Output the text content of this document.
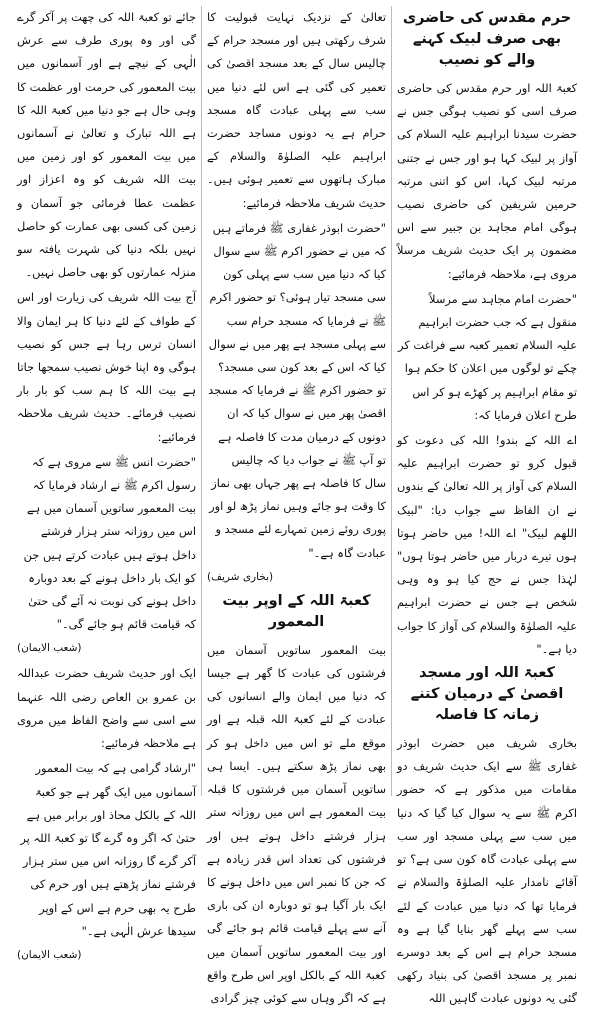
حرم مقدس کی حاضری بھی صرف لبیک کہنے والے کو نصیب

کعبۃ اللہ اور حرم مقدس کی حاضری صرف اسی کو نصیب ہوگی جس نے حضرت سیدنا ابراہیم علیہ السلام کی آواز پر لبیک کہا ہو اور جس نے جتنی مرتبہ لبیک کہا، اس کو اتنی مرتبہ حرمین شریفین کی حاضری نصیب ہوگی امام مجاہد بن جبیر سے اس مضمون پر ایک حدیث شریف مرسلاً مروی ہے، ملاحظہ فرمائیے:

"حضرت امام مجاہد سے مرسلاً منقول ہے کہ جب حضرت ابراہیم علیہ السلام تعمیر کعبہ سے فراغت کر چکے تو لوگوں میں اعلان کا حکم ہوا تو مقام ابراہیم پر کھڑے ہو کر اس طرح اعلان فرمایا کہ:

اے اللہ کے بندو! اللہ کی دعوت کو قبول کرو تو حضرت ابراہیم علیہ السلام کی آواز پر اللہ تعالیٰ کے بندوں نے ان الفاظ سے جواب دیا: "لبیک اللھم لبیک" اے اللہ! میں حاضر ہوتا ہوں تیرے دربار میں حاضر ہوتا ہوں" لہٰذا جس نے حج کیا ہو وہ وہی شخص ہے جس نے حضرت ابراہیم علیہ الصلوٰۃ والسلام کی آواز کا جواب دیا ہے۔"

کعبۃ اللہ اور مسجد اقصیٰ کے درمیان کتنے زمانہ کا فاصلہ

بخاری شریف میں حضرت ابوذر غفاری ﷺ سے ایک حدیث شریف دو مقامات میں مذکور ہے کہ حضور اکرم ﷺ سے یہ سوال کیا گیا کہ دنیا میں سب سے پہلی مسجد اور سب سے پہلی عبادت گاہ کون سی ہے؟ تو آقائے نامدار علیہ الصلوٰۃ والسلام نے فرمایا تھا کہ دنیا میں عبادت کے لئے سب سے پہلے گھر بنایا گیا ہے وہ مسجد حرام ہے اس کے بعد دوسرے نمبر پر مسجد اقصیٰ کی بنیاد رکھی گئی یہ دونوں عبادت گاہیں اللہ

تعالیٰ کے نزدیک نہایت قبولیت کا شرف رکھتی ہیں اور مسجد حرام کے چالیس سال کے بعد مسجد اقصیٰ کی تعمیر کی گئی ہے اس لئے دنیا میں سب سے پہلی عبادت گاہ مسجد حرام ہے یہ دونوں مساجد حضرت ابراہیم علیہ الصلوٰۃ والسلام کے مبارک ہاتھوں سے تعمیر ہوئی ہیں۔ حدیث شریف ملاحظہ فرمائیے:

"حضرت ابوذر غفاری ﷺ فرماتے ہیں کہ میں نے حضور اکرم ﷺ سے سوال کیا کہ دنیا میں سب سے پہلی کون سی مسجد تیار ہوئی؟ تو حضور اکرم ﷺ نے فرمایا کہ مسجد حرام سب سے پہلی مسجد ہے پھر میں نے سوال کیا کہ اس کے بعد کون سی مسجد؟ تو حضور اکرم ﷺ نے فرمایا کہ مسجد اقصیٰ پھر میں نے سوال کیا کہ ان دونوں کے درمیان مدت کا فاصلہ ہے تو آپ ﷺ نے جواب دیا کہ چالیس سال کا فاصلہ ہے پھر جہاں بھی نماز کا وقت ہو جائے وہیں نماز پڑھ لو اور پوری روئے زمین تمہارے لئے مسجد و عبادت گاہ ہے۔"

(بخاری شریف)

کعبۃ اللہ کے اوپر بیت المعمور

بیت المعمور ساتویں آسمان میں فرشتوں کی عبادت کا گھر ہے جیسا کہ دنیا میں ایمان والے انسانوں کی عبادت کے لئے کعبۃ اللہ قبلہ ہے اور موقع ملے تو اس میں داخل ہو کر بھی نماز پڑھ سکتے ہیں۔ ایسا ہی ساتویں آسمان میں فرشتوں کا قبلہ بیت المعمور ہے اس میں روزانہ ستر ہزار فرشتے داخل ہوتے ہیں اور فرشتوں کی تعداد اس قدر زیادہ ہے کہ جن کا نمبر اس میں داخل ہونے کا ایک بار آگیا ہو تو دوبارہ ان کی باری آنے سے پہلے قیامت قائم ہو جائے گی اور بیت المعمور ساتویں آسمان میں کعبۃ اللہ کے بالکل اوپر اس طرح واقع ہے کہ اگر وہاں سے کوئی چیز گرادی

جائے تو کعبۃ اللہ کی چھت پر آکر گرے گی اور وہ پوری طرف سے عرش الٰہی کے نیچے ہے اور آسمانوں میں بیت المعمور کی حرمت اور عظمت کا وہی حال ہے جو دنیا میں کعبۃ اللہ کا ہے اللہ تبارک و تعالیٰ نے آسمانوں میں بیت المعمور کو اور زمین میں بیت اللہ شریف کو وہ اعزاز اور عظمت عطا فرمائی جو آسمان و زمین کی کسی بھی عمارت کو حاصل نہیں بلکہ دنیا کی شہرت یافتہ سو منزلہ عمارتوں کو بھی حاصل نہیں۔

آج بیت اللہ شریف کی زیارت اور اس کے طواف کے لئے دنیا کا ہر ایمان والا انسان ترس رہا ہے جس کو نصیب ہوگی وہ اپنا خوش نصیب سمجھا جاتا ہے بیت اللہ کا ہم سب کو بار بار نصیب فرمائے۔ حدیث شریف ملاحظہ فرمائیے:

"حضرت انس ﷺ سے مروی ہے کہ رسول اکرم ﷺ نے ارشاد فرمایا کہ بیت المعمور ساتویں آسمان میں ہے اس میں روزانہ ستر ہزار فرشتے داخل ہوتے ہیں عبادت کرتے ہیں جن کو ایک بار داخل ہونے کے بعد دوبارہ داخل ہونے کی نوبت نہ آئے گی حتیٰ کہ قیامت قائم ہو جائے گی۔"

(شعب الایمان)

ایک اور حدیث شریف حضرت عبداللہ بن عمرو بن العاص رضی اللہ عنہما سے اسی سے واضح الفاظ میں مروی ہے ملاحظہ فرمائیے:

"ارشاد گرامی ہے کہ بیت المعمور آسمانوں میں ایک گھر ہے جو کعبۃ اللہ کے بالکل محاذ اور برابر میں ہے حتیٰ کہ اگر وہ گرے گا تو کعبۃ اللہ پر آکر گرے گا روزانہ اس میں ستر ہزار فرشتے نماز پڑھتے ہیں اور حرم کی طرح یہ بھی حرم ہے اس کے اوپر سیدھا عرش الٰہی ہے۔"

(شعب الایمان)
